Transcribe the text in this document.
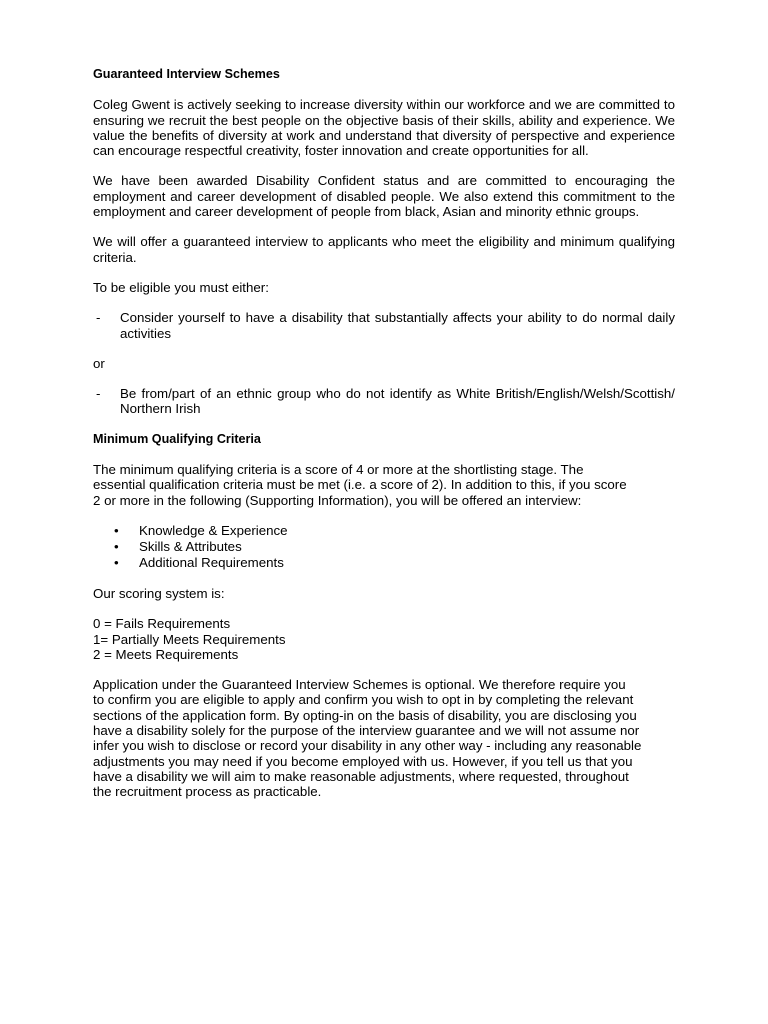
Guaranteed Interview Schemes

Coleg Gwent is actively seeking to increase diversity within our workforce and we are committed to ensuring we recruit the best people on the objective basis of their skills, ability and experience. We value the benefits of diversity at work and understand that diversity of perspective and experience can encourage respectful creativity, foster innovation and create opportunities for all.

We have been awarded Disability Confident status and are committed to encouraging the employment and career development of disabled people. We also extend this commitment to the employment and career development of people from black, Asian and minority ethnic groups.

We will offer a guaranteed interview to applicants who meet the eligibility and minimum qualifying criteria.

To be eligible you must either:

- Consider yourself to have a disability that substantially affects your ability to do normal daily activities

or

- Be from/part of an ethnic group who do not identify as White British/English/Welsh/Scottish/ Northern Irish
Minimum Qualifying Criteria

The minimum qualifying criteria is a score of 4 or more at the shortlisting stage. The
essential qualification criteria must be met (i.e. a score of 2). In addition to this, if you score
2 or more in the following (Supporting Information), you will be offered an interview:

• Knowledge & Experience
• Skills & Attributes
• Additional Requirements

Our scoring system is:

0 = Fails Requirements
1= Partially Meets Requirements
2 = Meets Requirements

Application under the Guaranteed Interview Schemes is optional. We therefore require you
to confirm you are eligible to apply and confirm you wish to opt in by completing the relevant
sections of the application form. By opting-in on the basis of disability, you are disclosing you
have a disability solely for the purpose of the interview guarantee and we will not assume nor
infer you wish to disclose or record your disability in any other way - including any reasonable
adjustments you may need if you become employed with us. However, if you tell us that you
have a disability we will aim to make reasonable adjustments, where requested, throughout
the recruitment process as practicable.
